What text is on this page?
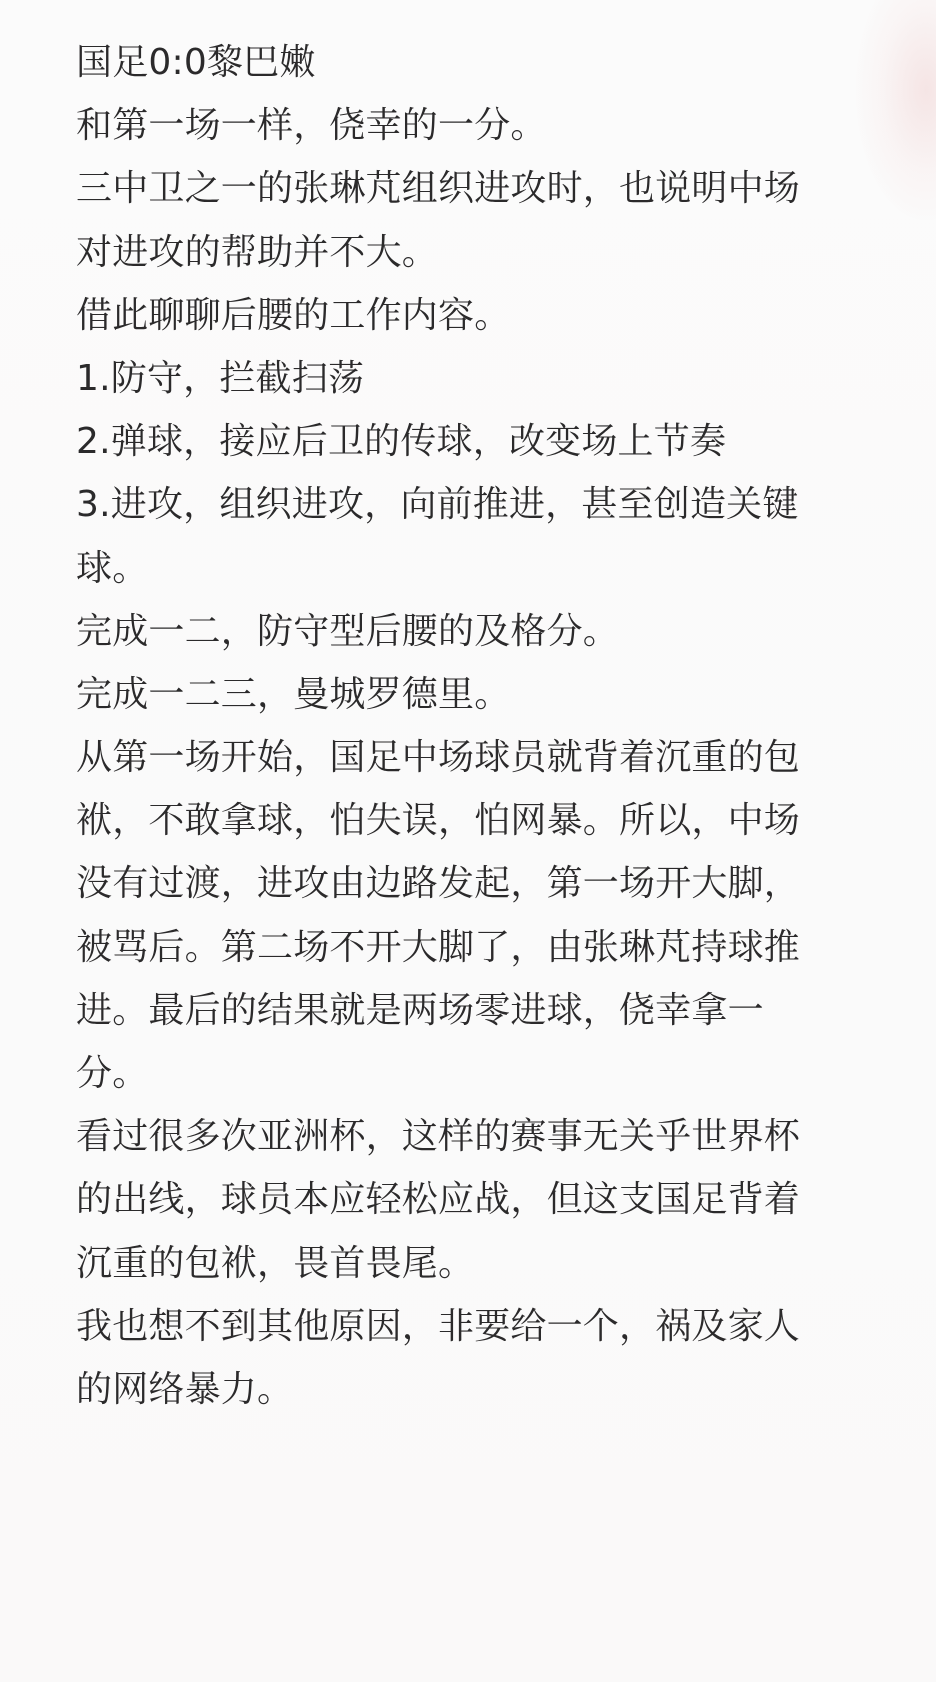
国足0:0黎巴嫩
和第一场一样，侥幸的一分。
三中卫之一的张琳芃组织进攻时，也说明中场
对进攻的帮助并不大。
借此聊聊后腰的工作内容。
1.防守，拦截扫荡
2.弹球，接应后卫的传球，改变场上节奏
3.进攻，组织进攻，向前推进，甚至创造关键
球。
完成一二，防守型后腰的及格分。
完成一二三，曼城罗德里。
从第一场开始，国足中场球员就背着沉重的包
袱，不敢拿球，怕失误，怕网暴。所以，中场
没有过渡，进攻由边路发起，第一场开大脚，
被骂后。第二场不开大脚了，由张琳芃持球推
进。最后的结果就是两场零进球，侥幸拿一
分。
看过很多次亚洲杯，这样的赛事无关乎世界杯
的出线，球员本应轻松应战，但这支国足背着
沉重的包袱，畏首畏尾。
我也想不到其他原因，非要给一个，祸及家人
的网络暴力。
